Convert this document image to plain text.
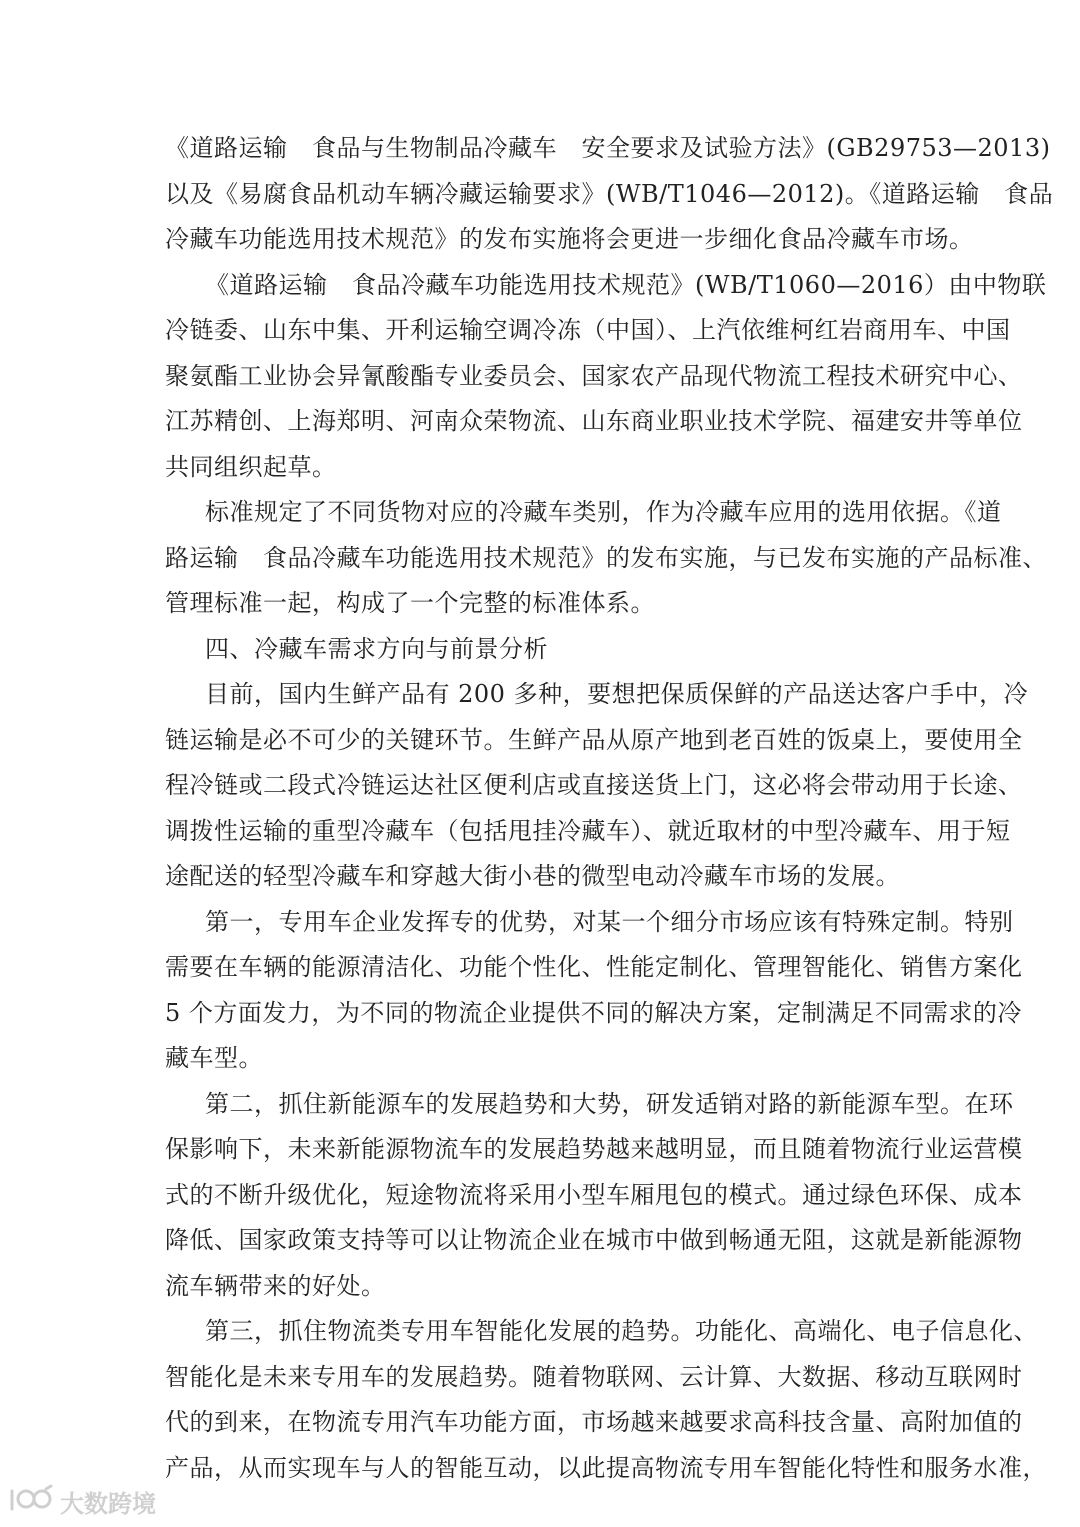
《道路运输　食品与生物制品冷藏车　安全要求及试验方法》(GB29753—2013)
以及《易腐食品机动车辆冷藏运输要求》(WB/T1046—2012)。《道路运输　食品
冷藏车功能选用技术规范》的发布实施将会更进一步细化食品冷藏车市场。
《道路运输　食品冷藏车功能选用技术规范》(WB/T1060—2016）由中物联
冷链委、山东中集、开利运输空调冷冻（中国）、上汽依维柯红岩商用车、中国
聚氨酯工业协会异氰酸酯专业委员会、国家农产品现代物流工程技术研究中心、
江苏精创、上海郑明、河南众荣物流、山东商业职业技术学院、福建安井等单位
共同组织起草。
标准规定了不同货物对应的冷藏车类别，作为冷藏车应用的选用依据。《道
路运输　食品冷藏车功能选用技术规范》的发布实施，与已发布实施的产品标准、
管理标准一起，构成了一个完整的标准体系。
四、冷藏车需求方向与前景分析
目前，国内生鲜产品有 200 多种，要想把保质保鲜的产品送达客户手中，冷
链运输是必不可少的关键环节。生鲜产品从原产地到老百姓的饭桌上，要使用全
程冷链或二段式冷链运达社区便利店或直接送货上门，这必将会带动用于长途、
调拨性运输的重型冷藏车（包括甩挂冷藏车）、就近取材的中型冷藏车、用于短
途配送的轻型冷藏车和穿越大街小巷的微型电动冷藏车市场的发展。
第一，专用车企业发挥专的优势，对某一个细分市场应该有特殊定制。特别
需要在车辆的能源清洁化、功能个性化、性能定制化、管理智能化、销售方案化
5 个方面发力，为不同的物流企业提供不同的解决方案，定制满足不同需求的冷
藏车型。
第二，抓住新能源车的发展趋势和大势，研发适销对路的新能源车型。在环
保影响下，未来新能源物流车的发展趋势越来越明显，而且随着物流行业运营模
式的不断升级优化，短途物流将采用小型车厢甩包的模式。通过绿色环保、成本
降低、国家政策支持等可以让物流企业在城市中做到畅通无阻，这就是新能源物
流车辆带来的好处。
第三，抓住物流类专用车智能化发展的趋势。功能化、高端化、电子信息化、
智能化是未来专用车的发展趋势。随着物联网、云计算、大数据、移动互联网时
代的到来，在物流专用汽车功能方面，市场越来越要求高科技含量、高附加值的
产品，从而实现车与人的智能互动，以此提高物流专用车智能化特性和服务水准，
大数跨境
